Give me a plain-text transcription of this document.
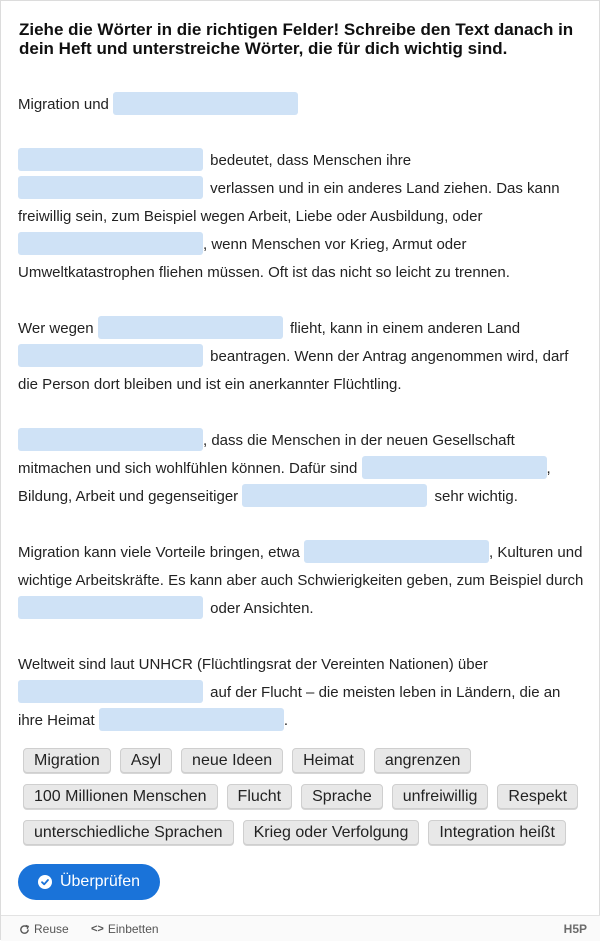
Ziehe die Wörter in die richtigen Felder! Schreibe den Text danach in dein Heft und unterstreiche Wörter, die für dich wichtig sind.

Migration und

bedeutet, dass Menschen ihre
verlassen und in ein anderes Land ziehen. Das kann freiwillig sein, zum Beispiel wegen Arbeit, Liebe oder Ausbildung, oder , wenn Menschen vor Krieg, Armut oder Umweltkatastrophen fliehen müssen. Oft ist das nicht so leicht zu trennen.

Wer wegen	flieht, kann in einem anderen Land
beantragen. Wenn der Antrag angenommen wird, darf die Person dort bleiben und ist ein anerkannter Flüchtling.

, dass die Menschen in der neuen Gesellschaft mitmachen und sich wohlfühlen können. Dafür sind	, Bildung, Arbeit und gegenseitiger	sehr wichtig.

Migration kann viele Vorteile bringen, etwa	, Kulturen und wichtige Arbeitskräfte. Es kann aber auch Schwierigkeiten geben, zum Beispiel durch  oder Ansichten.

Weltweit sind laut UNHCR (Flüchtlingsrat der Vereinten Nationen) über
auf der Flucht – die meisten leben in Ländern, die an ihre Heimat	.

Migration	Asyl	neue Ideen	Heimat	angrenzen
100 Millionen Menschen	Flucht	Sprache	unfreiwillig	Respekt
unterschiedliche Sprachen	Krieg oder Verfolgung	Integration heißt
Überprüfen
Reuse <> Einbetten	H5P
